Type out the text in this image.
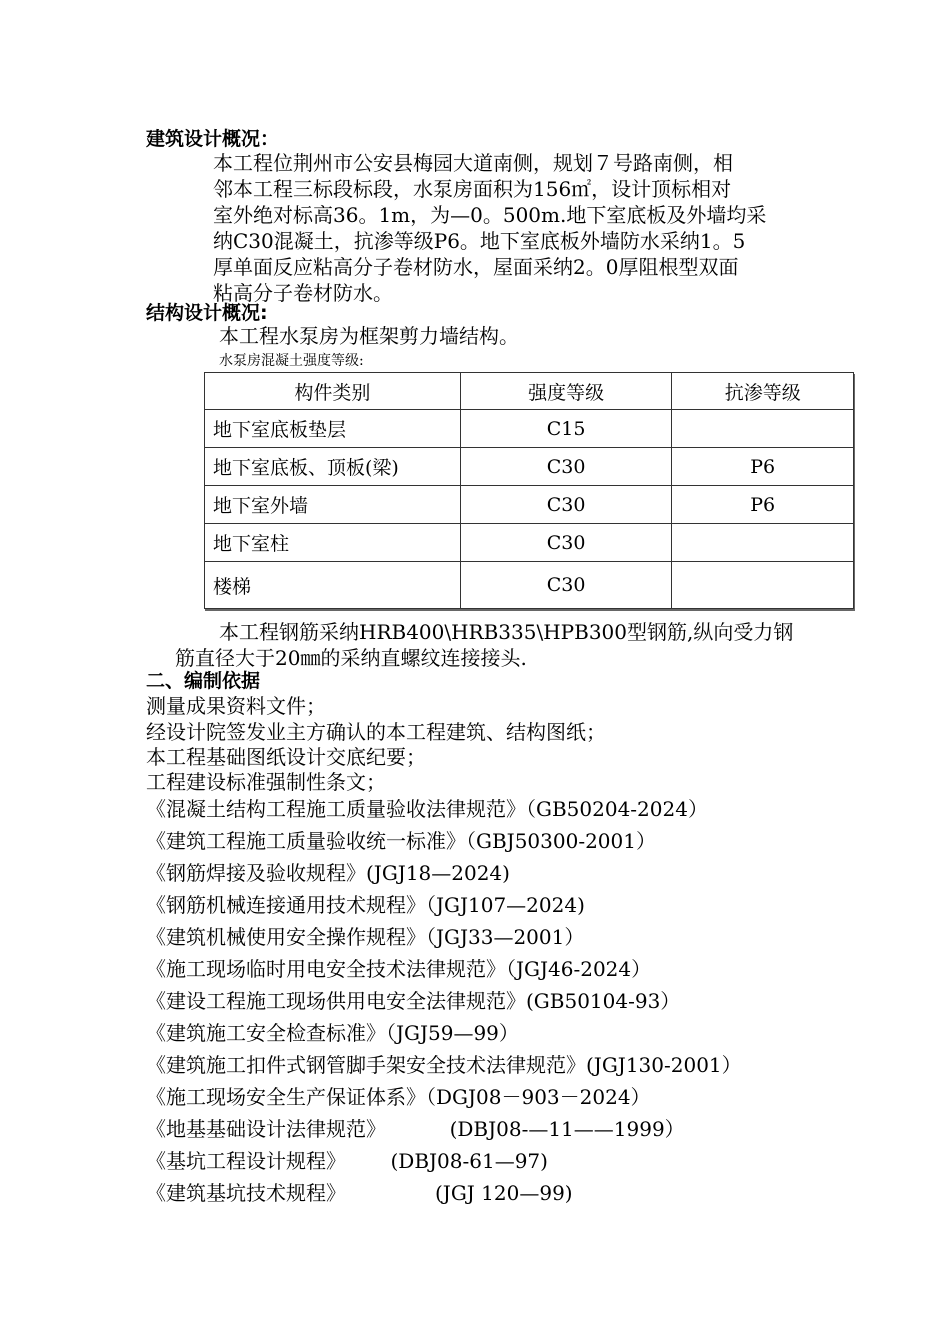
建筑设计概况：
本工程位荆州市公安县梅园大道南侧，规划７号路南侧，相
邻本工程三标段标段，水泵房面积为156㎡，设计顶标相对
室外绝对标高36。1m，为—0。500m.地下室底板及外墙均采
纳C30混凝土，抗渗等级P6。地下室底板外墙防水采纳1。5
厚单面反应粘高分子卷材防水，屋面采纳2。0厚阻根型双面
粘高分子卷材防水。
结构设计概况:
本工程水泵房为框架剪力墙结构。
水泵房混凝土强度等级:
构件类别	强度等级	抗渗等级
地下室底板垫层	C15	
地下室底板、顶板(梁)	C30	P6
地下室外墙	C30	P6
地下室柱	C30	
楼梯	C30	
本工程钢筋采纳HRB400\HRB335\HPB300型钢筋,纵向受力钢
筋直径大于20㎜的采纳直螺纹连接接头.
二、编制依据
测量成果资料文件；
经设计院签发业主方确认的本工程建筑、结构图纸；
本工程基础图纸设计交底纪要；
工程建设标准强制性条文；
《混凝土结构工程施工质量验收法律规范》（GB50204-2024）
《建筑工程施工质量验收统一标准》（GBJ50300-2001）
《钢筋焊接及验收规程》(JGJ18—2024)
《钢筋机械连接通用技术规程》（JGJ107—2024)
《建筑机械使用安全操作规程》（JGJ33—2001）
《施工现场临时用电安全技术法律规范》（JGJ46-2024）
《建设工程施工现场供用电安全法律规范》(GB50104-93）
《建筑施工安全检查标准》（JGJ59—99）
《建筑施工扣件式钢管脚手架安全技术法律规范》(JGJ130-2001）
《施工现场安全生产保证体系》（DGJ08－903－2024）
《地基基础设计法律规范》          (DBJ08-—11——1999）
《基坑工程设计规程》       (DBJ08-61—97)
《建筑基坑技术规程》              (JGJ 120—99)
